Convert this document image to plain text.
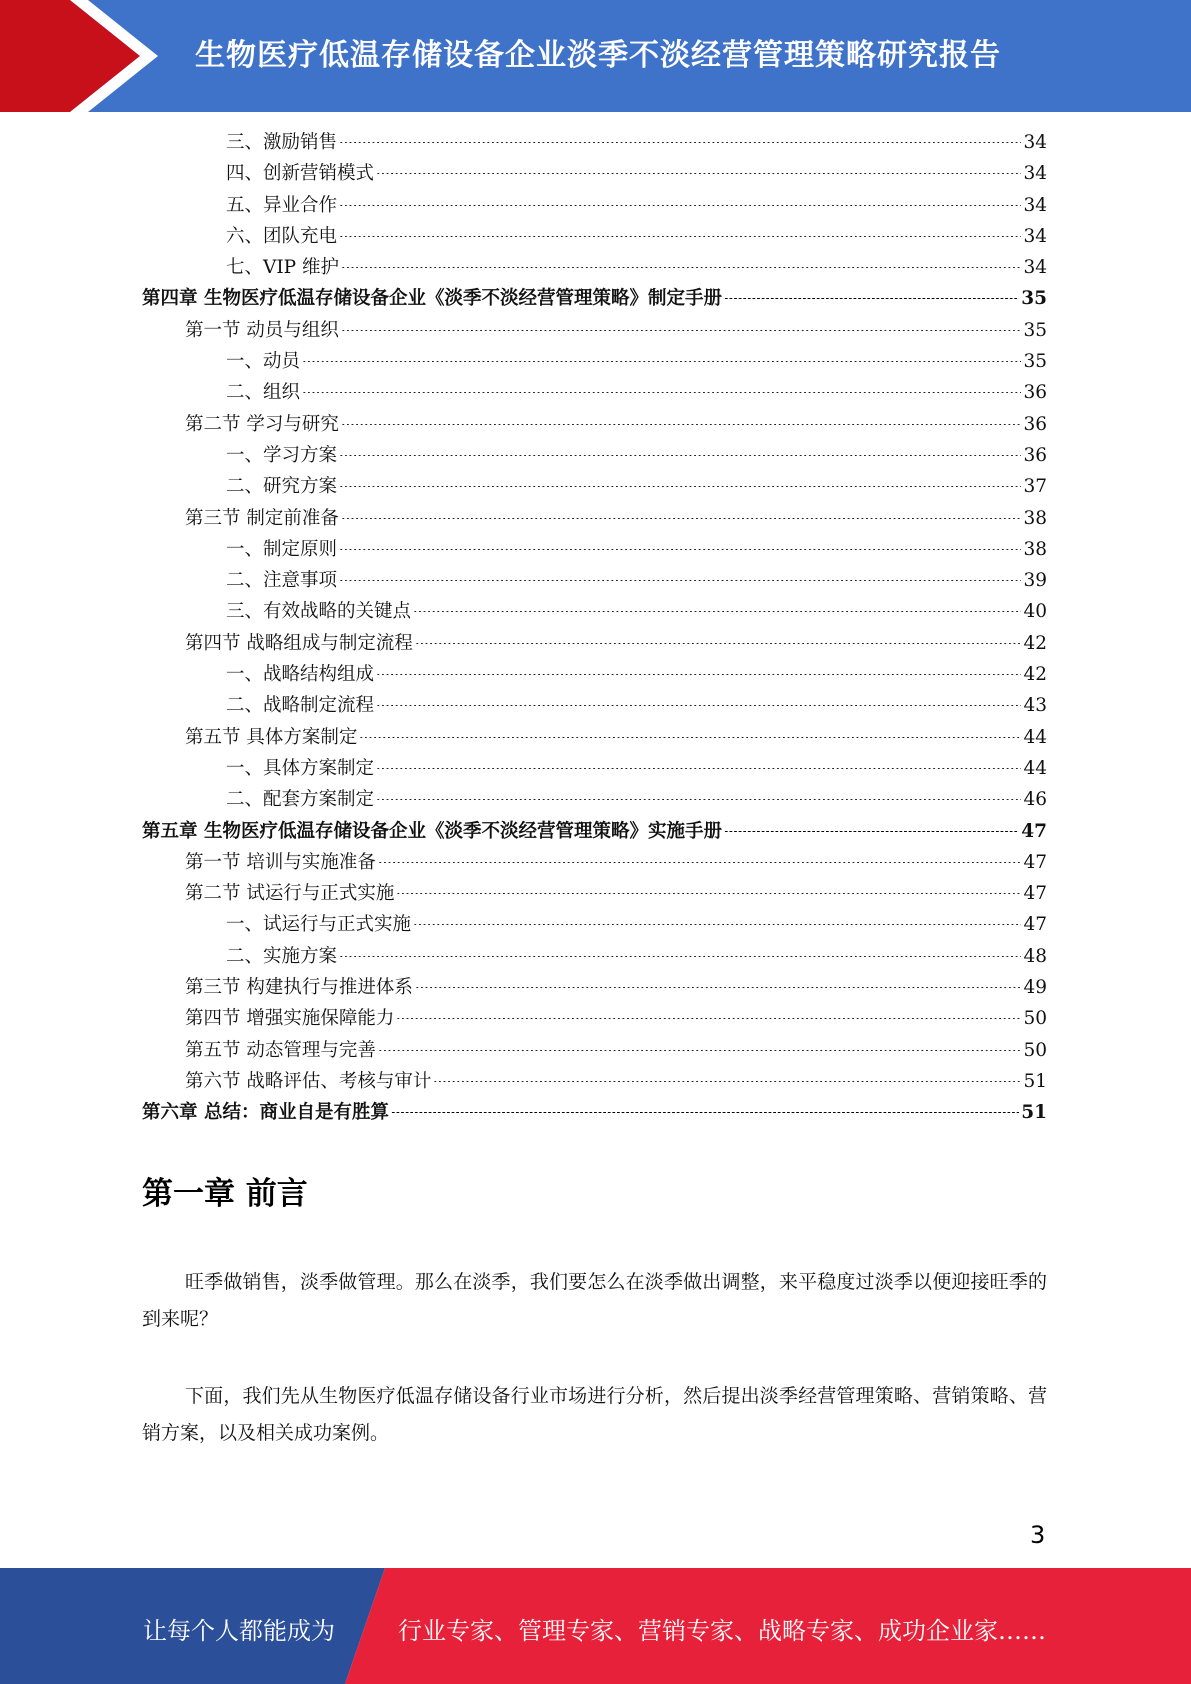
生物医疗低温存储设备企业淡季不淡经营管理策略研究报告
三、激励销售	34
四、创新营销模式	34
五、异业合作	34
六、团队充电	34
七、VIP 维护	34
第四章 生物医疗低温存储设备企业《淡季不淡经营管理策略》制定手册	35
第一节 动员与组织	35
一、动员	35
二、组织	36
第二节 学习与研究	36
一、学习方案	36
二、研究方案	37
第三节 制定前准备	38
一、制定原则	38
二、注意事项	39
三、有效战略的关键点	40
第四节 战略组成与制定流程	42
一、战略结构组成	42
二、战略制定流程	43
第五节 具体方案制定	44
一、具体方案制定	44
二、配套方案制定	46
第五章 生物医疗低温存储设备企业《淡季不淡经营管理策略》实施手册	47
第一节 培训与实施准备	47
第二节 试运行与正式实施	47
一、试运行与正式实施	47
二、实施方案	48
第三节 构建执行与推进体系	49
第四节 增强实施保障能力	50
第五节 动态管理与完善	50
第六节 战略评估、考核与审计	51
第六章 总结：商业自是有胜算	51
第一章 前言
旺季做销售，淡季做管理。那么在淡季，我们要怎么在淡季做出调整，来平稳度过淡季以便迎接旺季的到来呢？
下面，我们先从生物医疗低温存储设备行业市场进行分析，然后提出淡季经营管理策略、营销策略、营销方案，以及相关成功案例。
3
让每个人都能成为	行业专家、管理专家、营销专家、战略专家、成功企业家……
